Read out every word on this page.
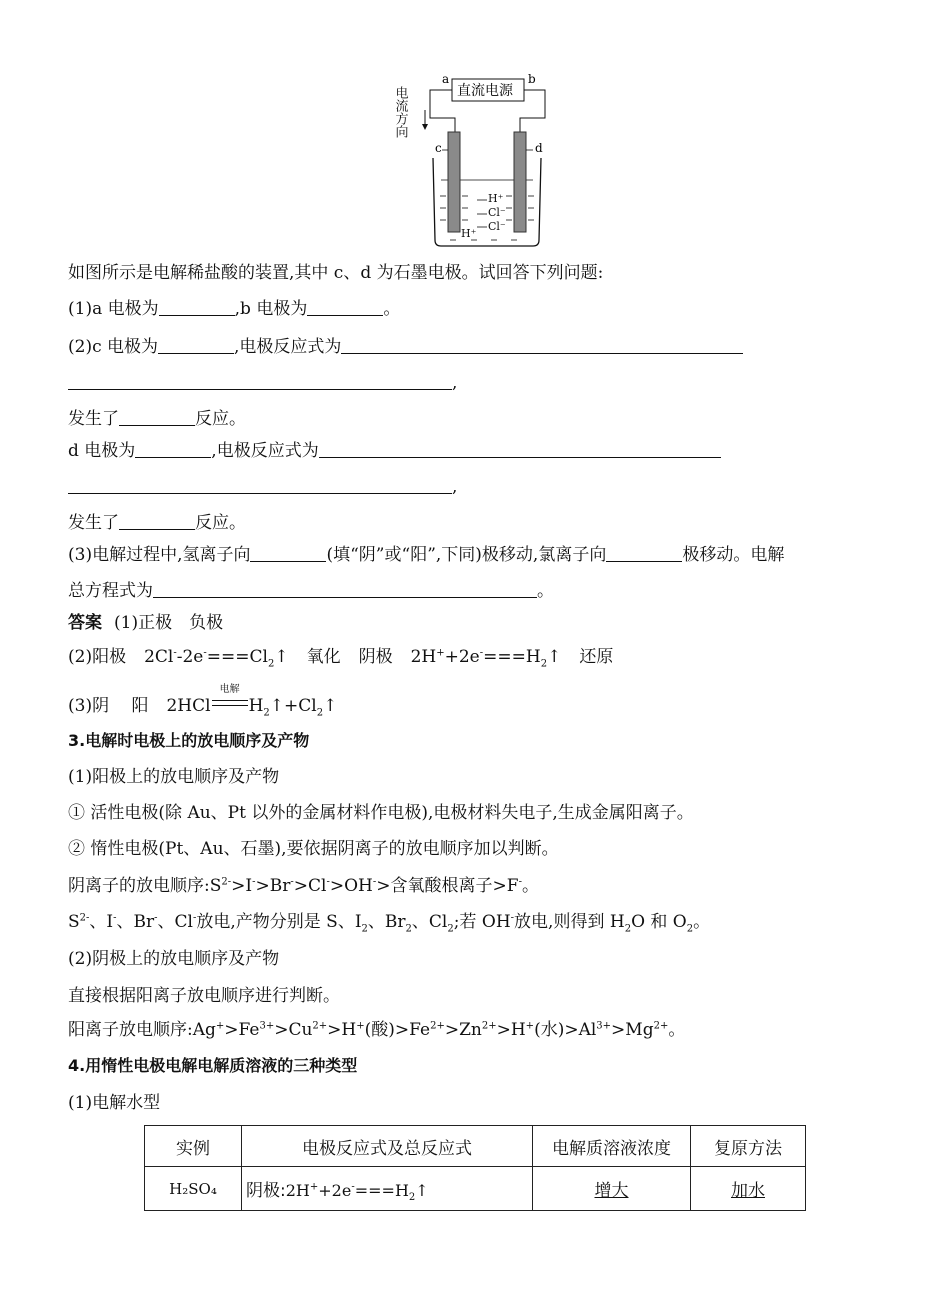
电流方向
a	b
直流电源
c	d
H⁺
Cl⁻
Cl⁻
H⁺
如图所示是电解稀盐酸的装置,其中 c、d 为石墨电极。试回答下列问题:
(1)a 电极为	,b 电极为	。
(2)c 电极为	,电极反应式为
,
发生了	反应。
d 电极为	,电极反应式为
,
发生了	反应。
(3)电解过程中,氢离子向	(填“阴”或“阳”,下同)极移动,氯离子向	极移动。电解
总方程式为	。
答案 (1)正极　负极
(2)阳极 $2Cl^--2e^-===Cl_2↑$ 氧化 阴极 $2H^++2e^-===H_2↑$ 还原
(3)阴　 阳 2HCl
电解
$H_2↑+Cl_2↑$
3.电解时电极上的放电顺序及产物
(1)阳极上的放电顺序及产物
① 活性电极(除 Au、Pt 以外的金属材料作电极),电极材料失电子,生成金属阳离子。
② 惰性电极(Pt、Au、石墨),要依据阴离子的放电顺序加以判断。
阴离子的放电顺序$:S^{2-}>I^->Br^->Cl^->OH^->$含氧酸根离子>F-。
$S^{2-}$、I-、Br-、Cl-放电,产物分别是 S、$I_2$、$Br_2$、$Cl_2$;若 OH-放电,则得到 $H_2O$ 和 $O_2$。
(2)阴极上的放电顺序及产物
直接根据阳离子放电顺序进行判断。
阳离子放电顺序$:Ag^+>Fe^{3+}>Cu^{2+}>H^+$(酸)$>Fe^{2+}>Zn^{2+}>H^+$(水)$>Al^{3+}>Mg^{2+}$。
4.用惰性电极电解电解质溶液的三种类型
(1)电解水型
实例	电极反应式及总反应式	电解质溶液浓度	复原方法
H₂SO₄	阴极$:2H^++2e^-===H_2↑$	增大	加水
